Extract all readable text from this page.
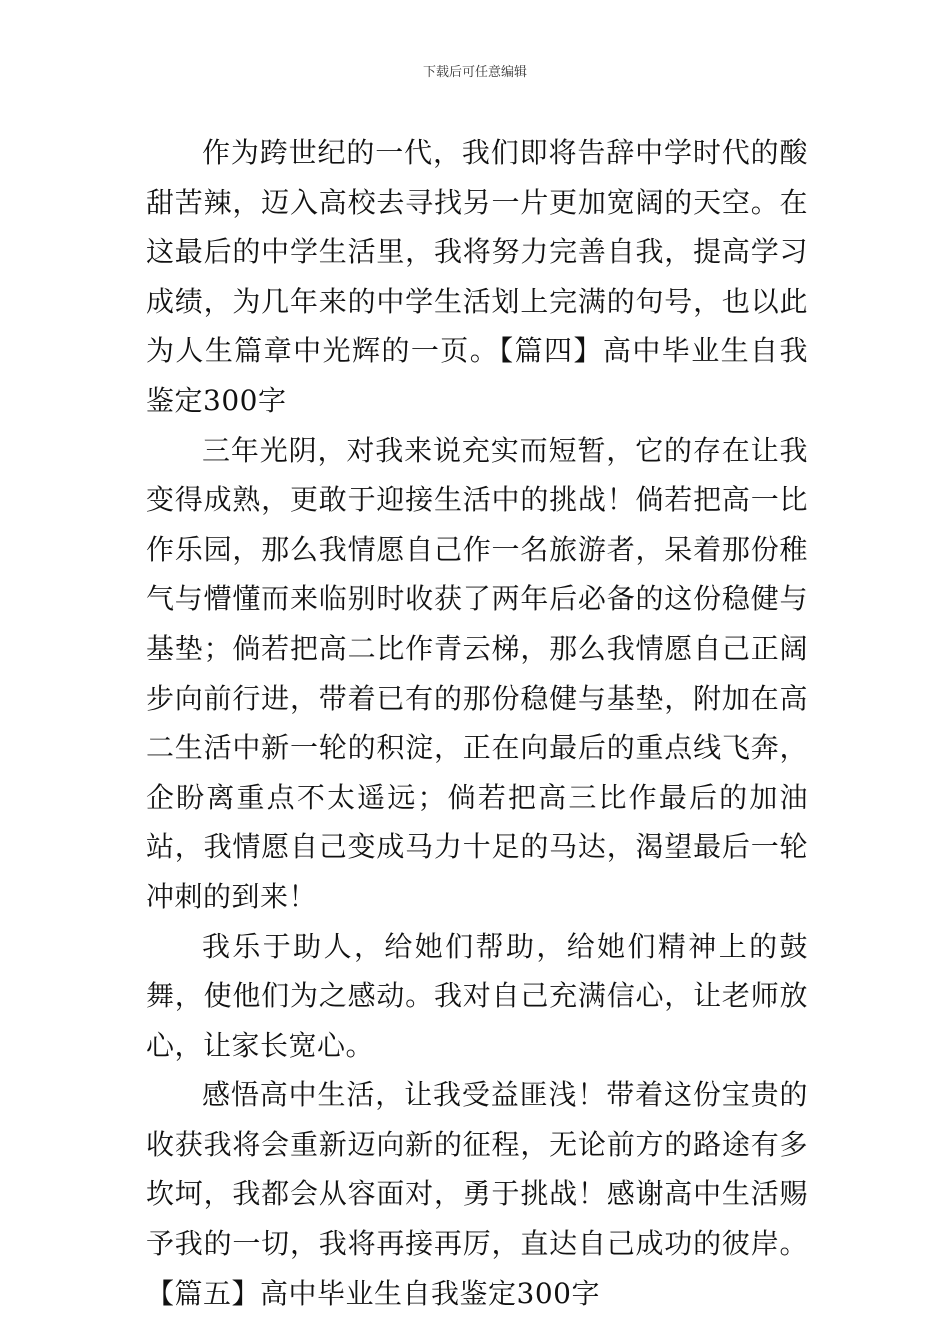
下载后可任意编辑

作为跨世纪的一代，我们即将告辞中学时代的酸甜苦辣，迈入高校去寻找另一片更加宽阔的天空。在这最后的中学生活里，我将努力完善自我，提高学习成绩，为几年来的中学生活划上完满的句号，也以此为人生篇章中光辉的一页。【篇四】高中毕业生自我鉴定300字

三年光阴，对我来说充实而短暂，它的存在让我变得成熟，更敢于迎接生活中的挑战！倘若把高一比作乐园，那么我情愿自己作一名旅游者，呆着那份稚气与懵懂而来临别时收获了两年后必备的这份稳健与基垫；倘若把高二比作青云梯，那么我情愿自己正阔步向前行进，带着已有的那份稳健与基垫，附加在高二生活中新一轮的积淀，正在向最后的重点线飞奔，企盼离重点不太遥远；倘若把高三比作最后的加油站，我情愿自己变成马力十足的马达，渴望最后一轮冲刺的到来！

我乐于助人，给她们帮助，给她们精神上的鼓舞，使他们为之感动。我对自己充满信心，让老师放心，让家长宽心。

感悟高中生活，让我受益匪浅！带着这份宝贵的收获我将会重新迈向新的征程，无论前方的路途有多坎坷，我都会从容面对，勇于挑战！感谢高中生活赐予我的一切，我将再接再厉，直达自己成功的彼岸。【篇五】高中毕业生自我鉴定300字
